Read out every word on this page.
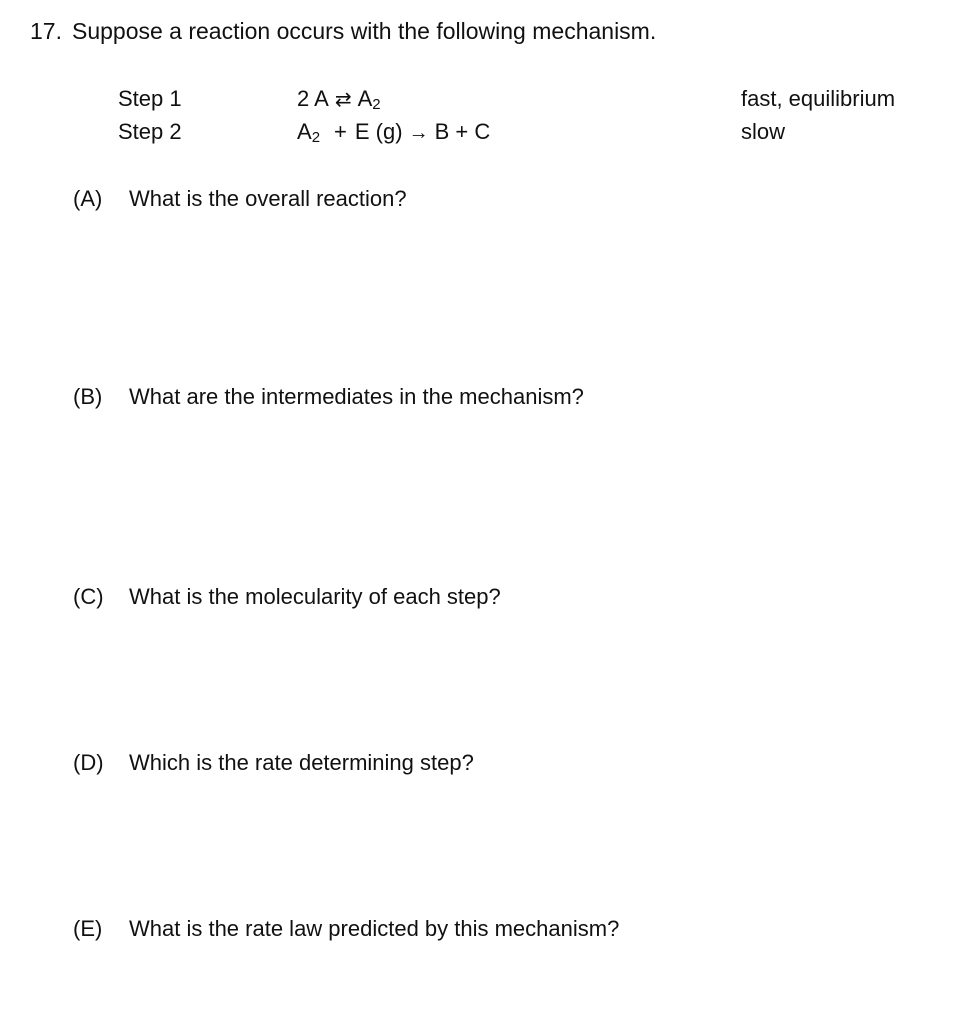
17. Suppose a reaction occurs with the following mechanism.
Step 1	2 A ⇄ $A_2$	fast, equilibrium
Step 2	$A_2 + E$ (g) → B + C	slow
(A) What is the overall reaction?
(B) What are the intermediates in the mechanism?
(C) What is the molecularity of each step?
(D) Which is the rate determining step?
(E) What is the rate law predicted by this mechanism?
